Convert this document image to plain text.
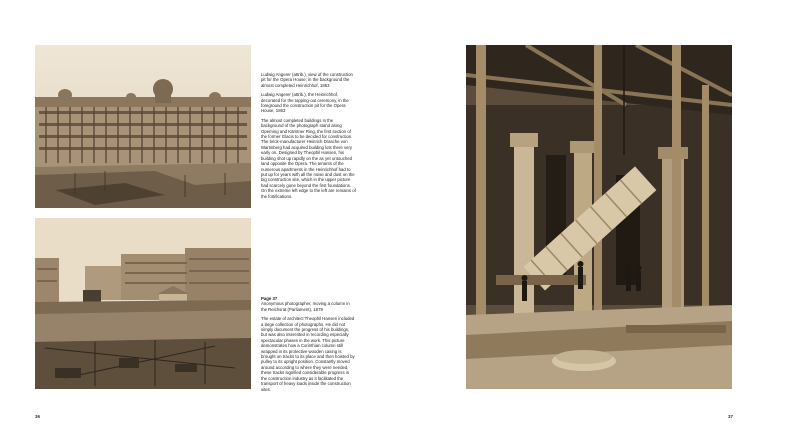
Ludwig Angerer (attrib.), view of the construction pit for the Opera House; in the background the almost completed Heinrichhof, 1863

Ludwig Angerer (attrib.), the Heinrichhof, decorated for the topping-out ceremony, in the foreground the construction pit for the Opera House, 1863

The almost completed buildings in the background of the photograph stand along Operning and Kärntner Ring, the first section of the former Glacis to be decided for construction. The brick-manufacturer Heinrich Drasche von Wartinberg had acquired building lots there very early on. Designed by Theophil Hansen, his building shot up rapidly on the as yet untouched land opposite the Opera. The tenants of the numerous apartments in the Heinrichhof had to put up for years with all the noise and dust on the big construction site, which in the upper picture had scarcely gone beyond the first foundations. On the extreme left edge to the left are remains of the fortifications.

Page 37

Anonymous photographer, moving a column in the Reichsrat (Parliament), 1879

The estate of architect Theophil Hansen included a large collection of photographs. He did not simply document the progress of his buildings, but was also interested in recording especially spectacular phases in the work. This picture demonstrates how a Corinthian column still wrapped in its protective wooden casing is brought on tracks to its place and then hoisted by pulley to its upright position. Constantly moved around according to where they were needed, these tracks signified considerable progress in the construction industry as it facilitated the transport of heavy loads inside the construction sites.

36	37
